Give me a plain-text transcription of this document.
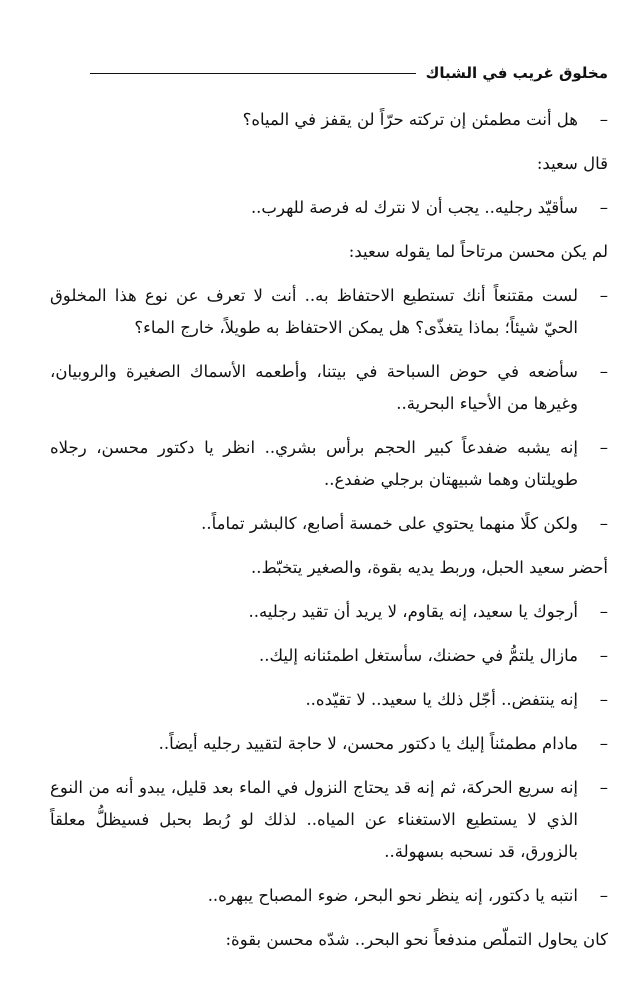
مخلوق غريب في الشباك

– هل أنت مطمئن إن تركته حرّاً لن يقفز في المياه؟

قال سعيد:

– سأقيّد رجليه.. يجب أن لا نترك له فرصة للهرب..

لم يكن محسن مرتاحاً لما يقوله سعيد:

– لست مقتنعاً أنك تستطيع الاحتفاظ به.. أنت لا تعرف عن نوع هذا المخلوق الحيّ شيئاً؛ بماذا يتغذّى؟ هل يمكن الاحتفاظ به طويلاً، خارج الماء؟

– سأضعه في حوض السباحة في بيتنا، وأطعمه الأسماك الصغيرة والروبيان، وغيرها من الأحياء البحرية..

– إنه يشبه ضفدعاً كبير الحجم برأس بشري.. انظر يا دكتور محسن، رجلاه طويلتان وهما شبيهتان برجلي ضفدع..

– ولكن كلًا منهما يحتوي على خمسة أصابع، كالبشر تماماً..

أحضر سعيد الحبل، وربط يديه بقوة، والصغير يتخبّط..

– أرجوك يا سعيد، إنه يقاوم، لا يريد أن تقيد رجليه..

– مازال يلتمُّ في حضنك، سأستغل اطمئنانه إليك..

– إنه ينتفض.. أجّل ذلك يا سعيد.. لا تقيّده..

– مادام مطمئناً إليك يا دكتور محسن، لا حاجة لتقييد رجليه أيضاً..

– إنه سريع الحركة، ثم إنه قد يحتاج النزول في الماء بعد قليل، يبدو أنه من النوع الذي لا يستطيع الاستغناء عن المياه.. لذلك لو رُبط بحبل فسيظلُّ معلقاً بالزورق، قد نسحبه بسهولة..

– انتبه يا دكتور، إنه ينظر نحو البحر، ضوء المصباح يبهره..

كان يحاول التملّص مندفعاً نحو البحر.. شدّه محسن بقوة:
